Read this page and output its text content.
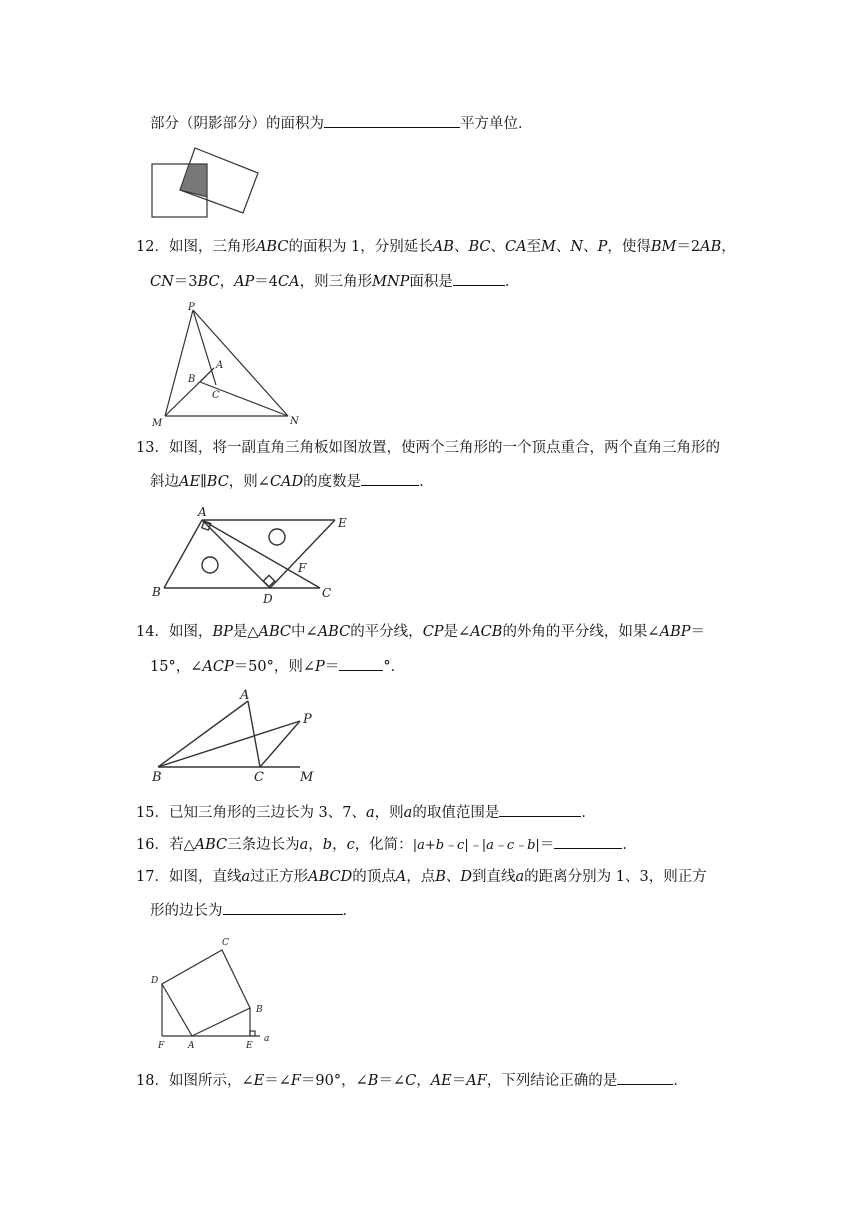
部分（阴影部分）的面积为	平方单位．
12．如图，三角形ABC的面积为 1，分别延长AB、BC、CA至M、N、P，使得BM＝2AB，
CN＝3BC，AP＝4CA，则三角形MNP面积是	．
P
A
B
C
M	N
13．如图，将一副直角三角板如图放置，使两个三角形的一个顶点重合，两个直角三角形的
斜边AE∥BC，则∠CAD的度数是	．
A
E
F
B	D	C
14．如图，BP是△ABC中∠ABC的平分线，CP是∠ACB的外角的平分线，如果∠ABP＝
15°，∠ACP＝50°，则∠P＝	°．
A
P
B	C	M
15．已知三角形的三边长为 3、7、a，则a的取值范围是	．
16．若△ABC三条边长为a，b，c，化简：|a+b﹣c|﹣|a﹣c﹣b|＝	．
17．如图，直线a过正方形ABCD的顶点A，点B、D到直线a的距离分别为 1、3，则正方
形的边长为	．
C
D
B
F	A	E
a
18．如图所示，∠E＝∠F＝90°，∠B＝∠C，AE＝AF，下列结论正确的是	．
